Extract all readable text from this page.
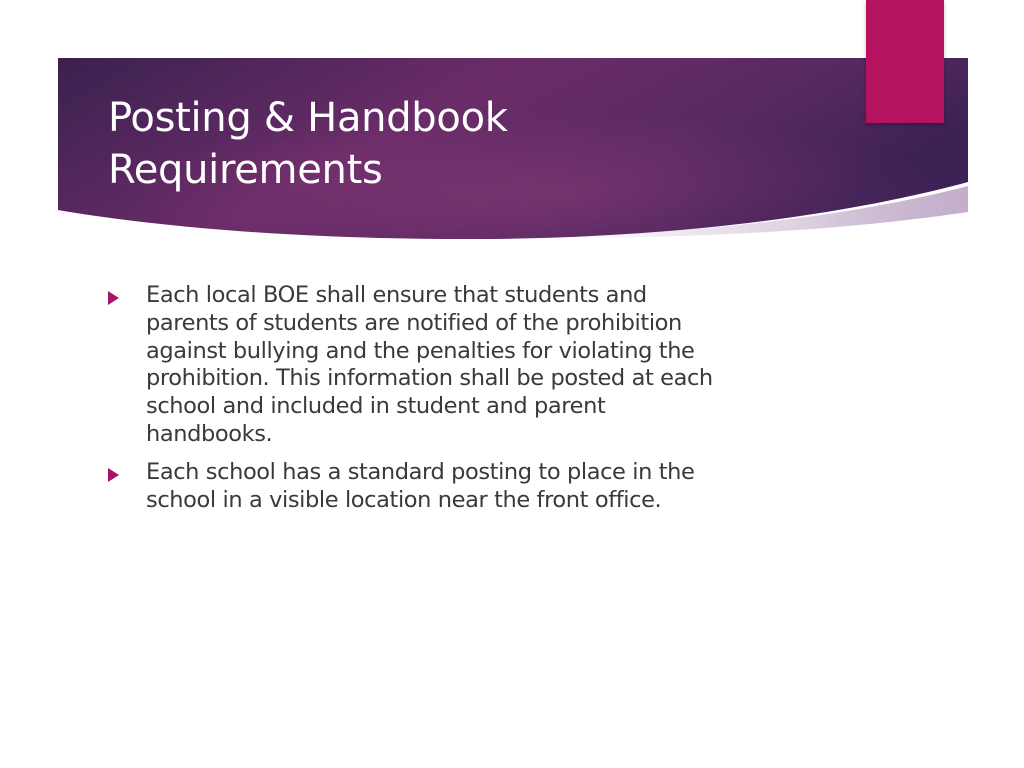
Posting & Handbook
Requirements
Each local BOE shall ensure that students and
parents of students are notified of the prohibition
against bullying and the penalties for violating the
prohibition. This information shall be posted at each
school and included in student and parent
handbooks.
Each school has a standard posting to place in the
school in a visible location near the front office.
